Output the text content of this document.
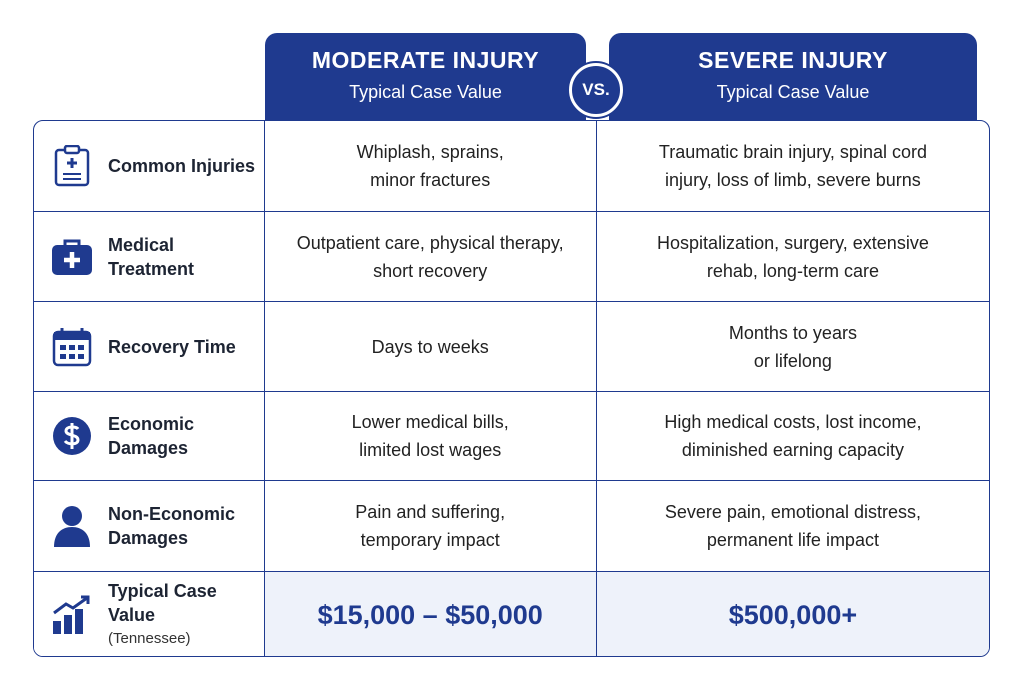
MODERATE INJURY
Typical Case Value
SEVERE INJURY
Typical Case Value
VS.
Common Injuries
Whiplash, sprains,
minor fractures
Traumatic brain injury, spinal cord
injury, loss of limb, severe burns
Medical Treatment
Outpatient care, physical therapy,
short recovery
Hospitalization, surgery, extensive
rehab, long-term care
Recovery Time	Days to weeks
Months to years
or lifelong
Economic Damages
Lower medical bills,
limited lost wages
High medical costs, lost income,
diminished earning capacity
Non-Economic
Damages
Pain and suffering,
temporary impact
Severe pain, emotional distress,
permanent life impact
Typical Case Value
(Tennessee)
$15,000 – $50,000	$500,000+
